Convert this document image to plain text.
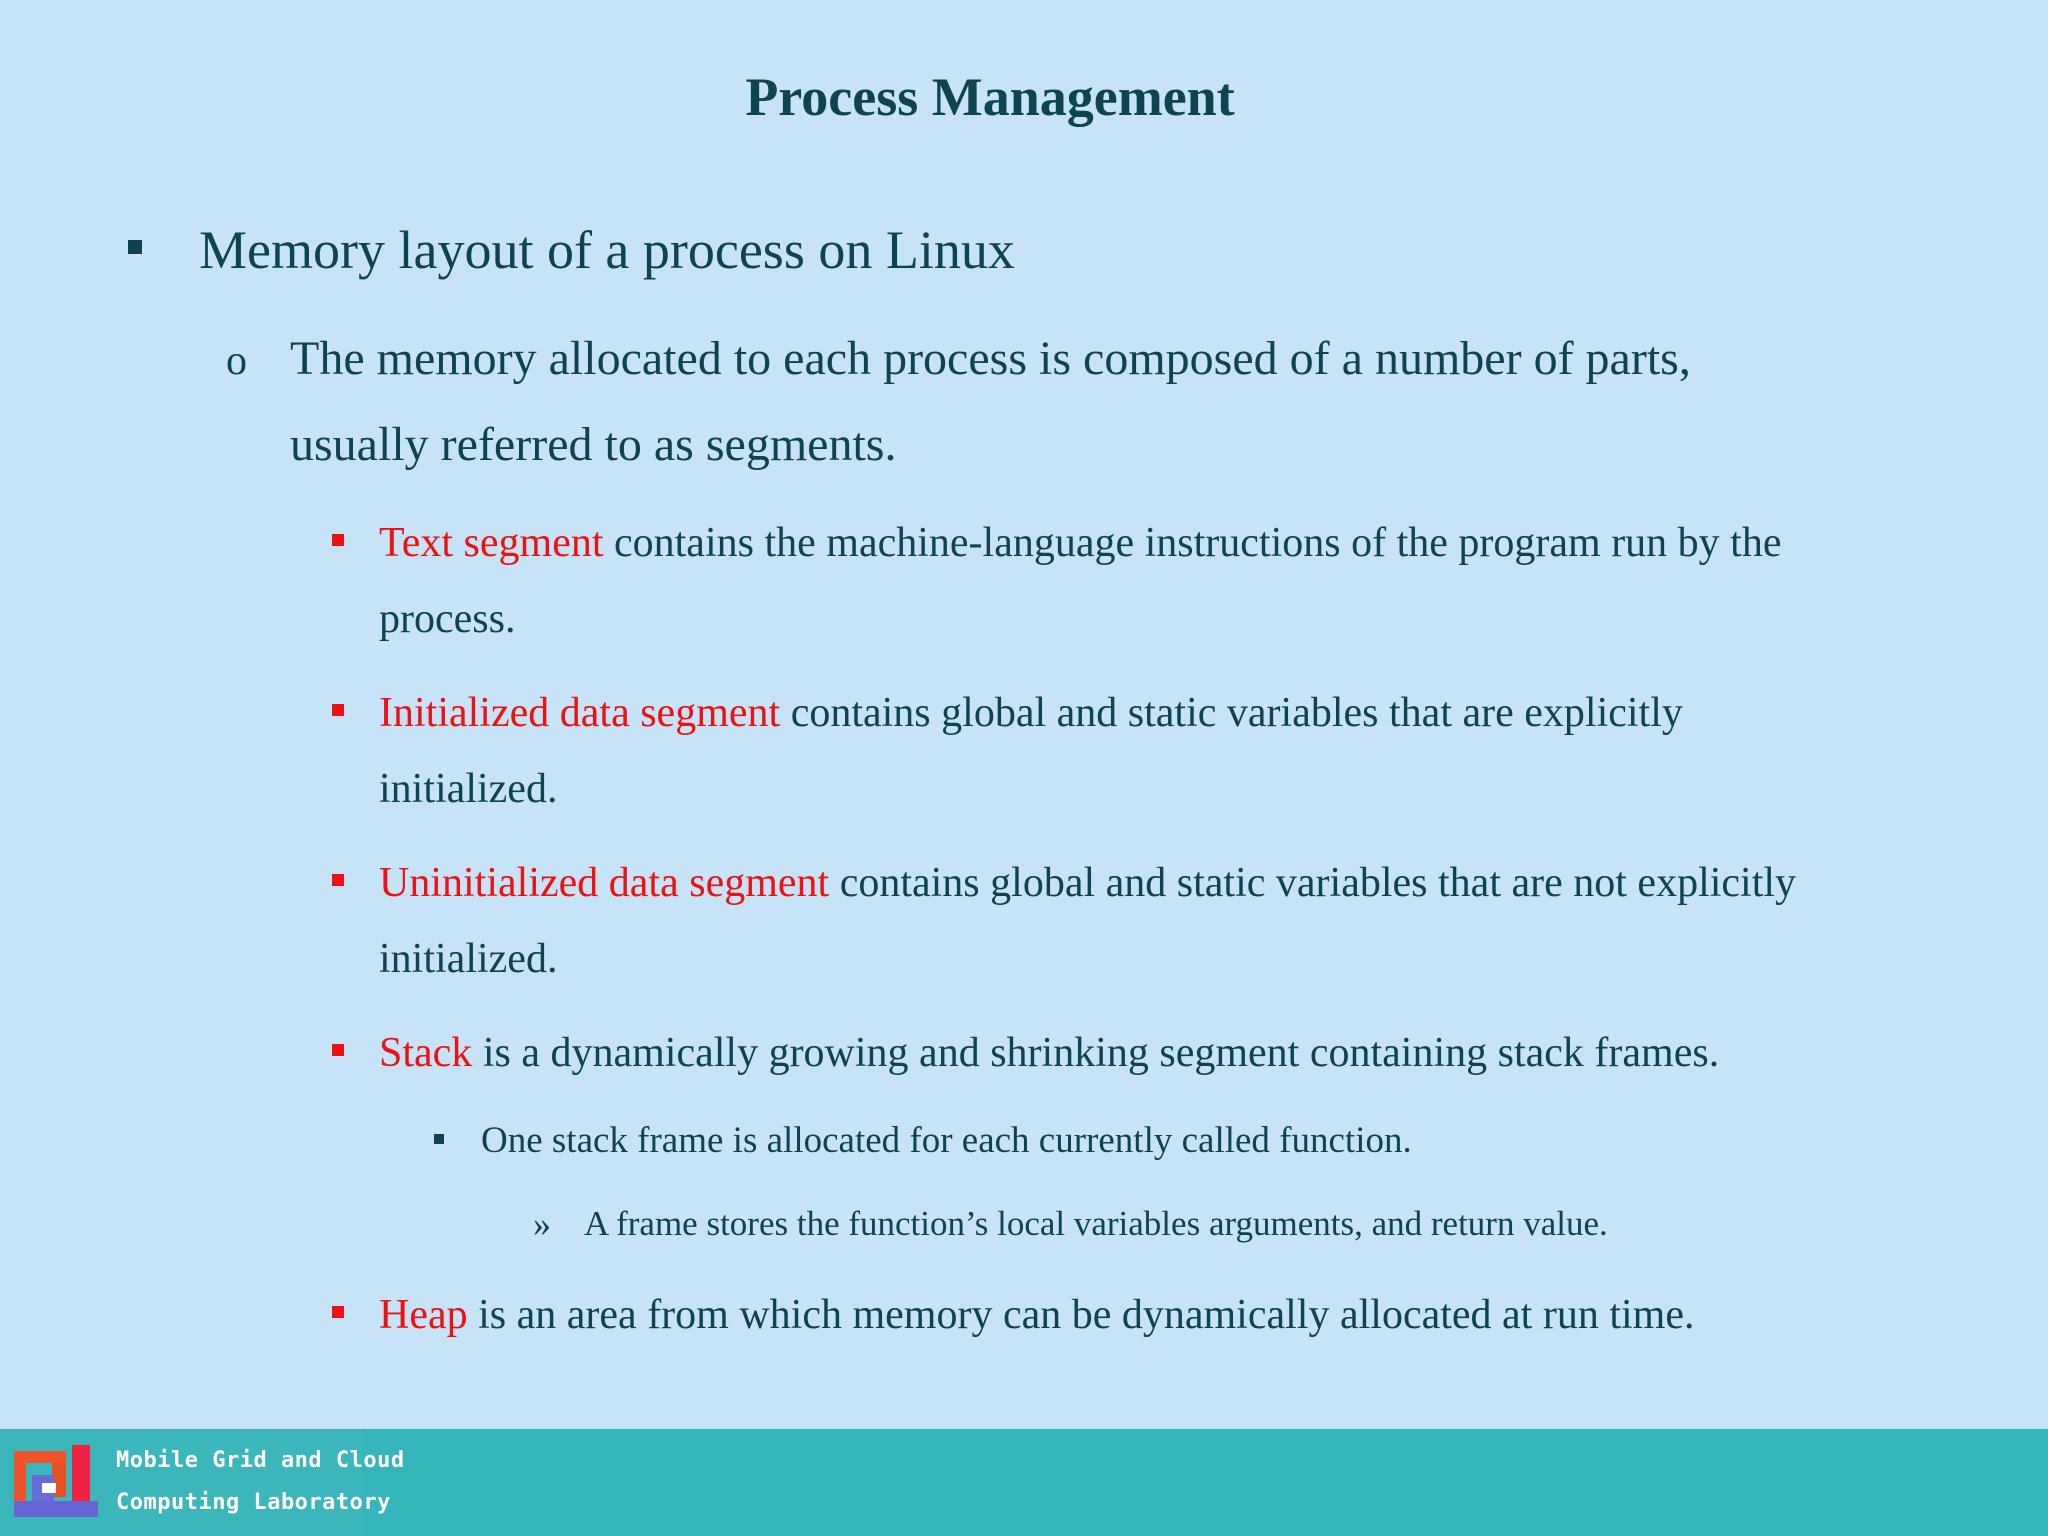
Process Management
Memory layout of a process on Linux
o The memory allocated to each process is composed of a number of parts,
usually referred to as segments.
Text segment contains the machine-language instructions of the program run by the
process.
Initialized data segment contains global and static variables that are explicitly
initialized.
Uninitialized data segment contains global and static variables that are not explicitly
initialized.
Stack is a dynamically growing and shrinking segment containing stack frames.
One stack frame is allocated for each currently called function.
» A frame stores the function’s local variables arguments, and return value.
Heap is an area from which memory can be dynamically allocated at run time.
Mobile Grid and Cloud
Computing Laboratory
